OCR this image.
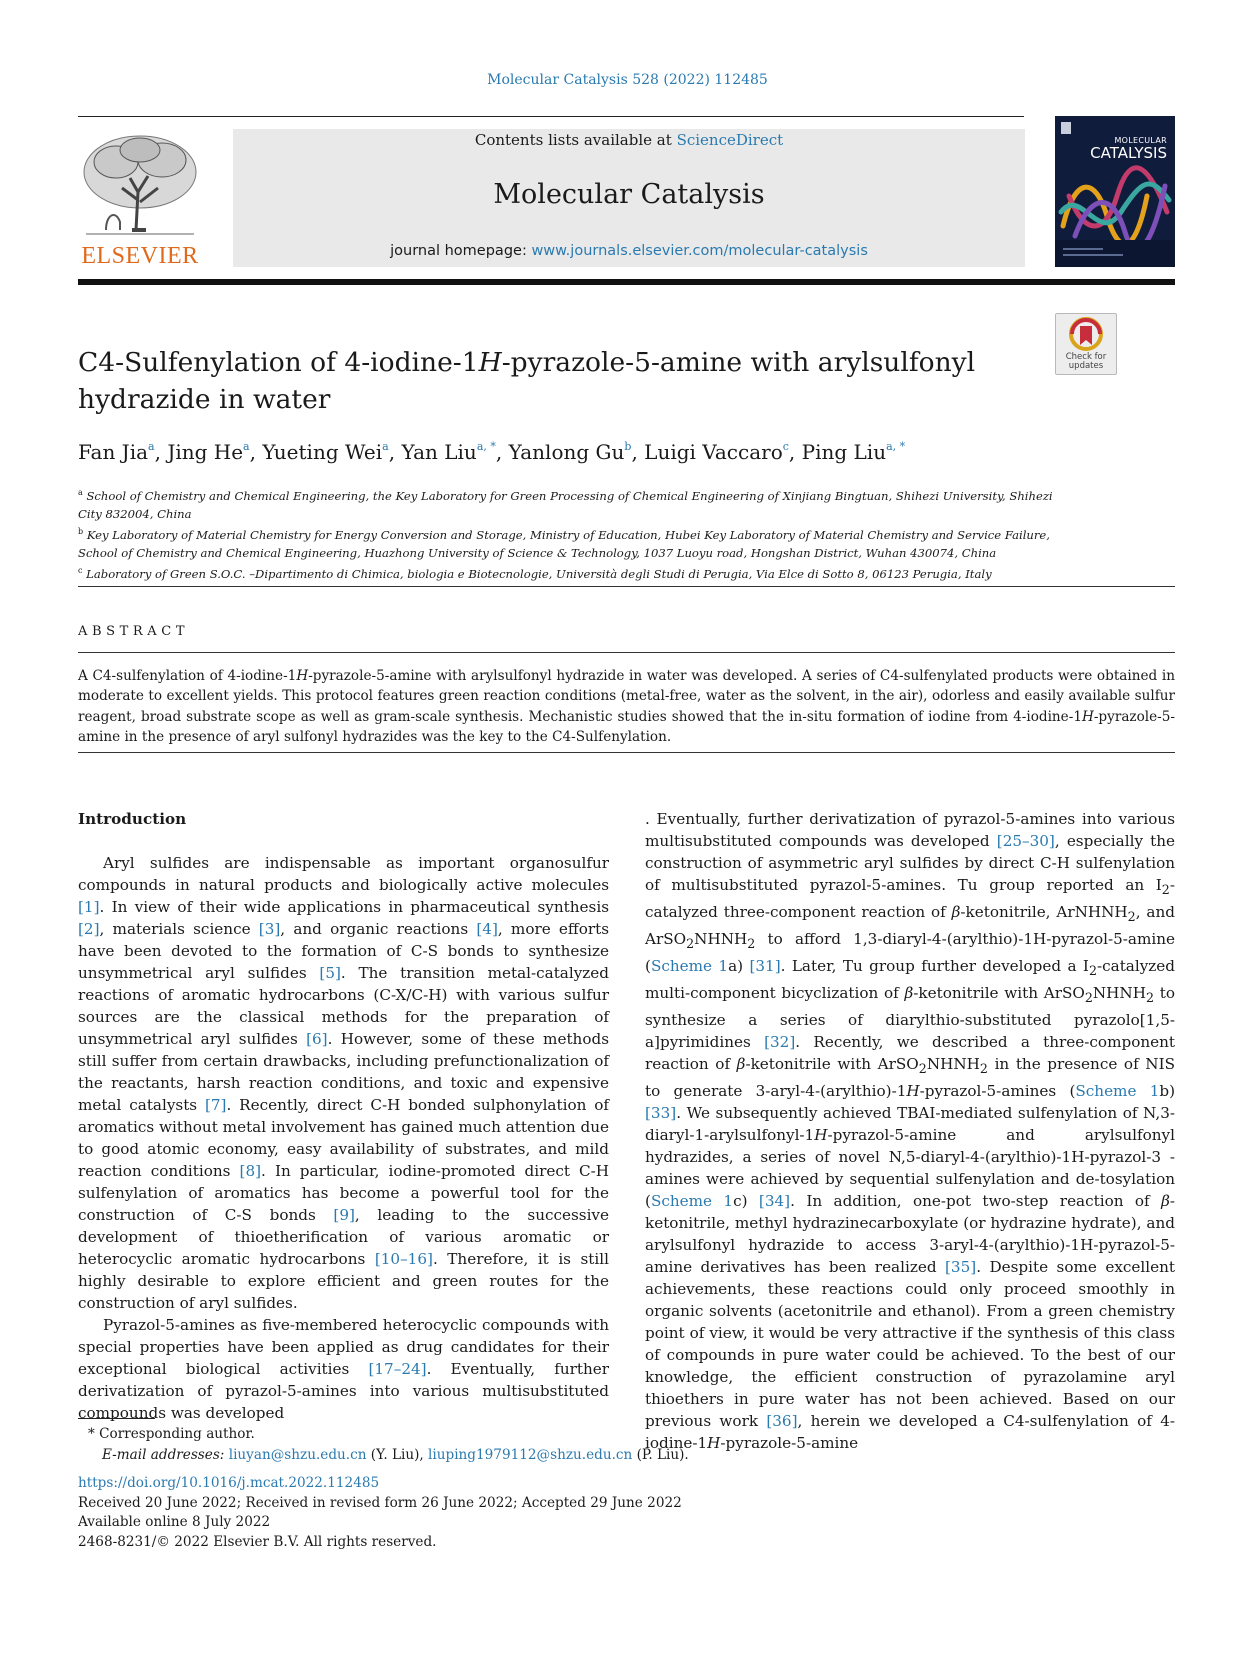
Molecular Catalysis 528 (2022) 112485
ELSEVIER
Contents lists available at ScienceDirect
Molecular Catalysis
journal homepage: www.journals.elsevier.com/molecular-catalysis
MOLECULAR
CATALYSIS
Check for
updates
C4-Sulfenylation of 4-iodine-1H-pyrazole-5-amine with arylsulfonyl hydrazide in water
Fan Jia$^a$, Jing He$^a$, Yueting Wei$^a$, Yan Liu$^{a, *}$, Yanlong Gu$^b$, Luigi Vaccaro$^c$, Ping Liu$^{a, *}$
$^a$ School of Chemistry and Chemical Engineering, the Key Laboratory for Green Processing of Chemical Engineering of Xinjiang Bingtuan, Shihezi University, Shihezi City 832004, China
$^b$ Key Laboratory of Material Chemistry for Energy Conversion and Storage, Ministry of Education, Hubei Key Laboratory of Material Chemistry and Service Failure, School of Chemistry and Chemical Engineering, Huazhong University of Science & Technology, 1037 Luoyu road, Hongshan District, Wuhan 430074, China
$^c$ Laboratory of Green S.O.C. –Dipartimento di Chimica, biologia e Biotecnologie, Università degli Studi di Perugia, Via Elce di Sotto 8, 06123 Perugia, Italy
ABSTRACT
A C4-sulfenylation of 4-iodine-1H-pyrazole-5-amine with arylsulfonyl hydrazide in water was developed. A series of C4-sulfenylated products were obtained in moderate to excellent yields. This protocol features green reaction conditions (metal-free, water as the solvent, in the air), odorless and easily available sulfur reagent, broad substrate scope as well as gram-scale synthesis. Mechanistic studies showed that the in-situ formation of iodine from 4-iodine-1H-pyrazole-5-amine in the presence of aryl sulfonyl hydrazides was the key to the C4-Sulfenylation.

Introduction

Aryl sulfides are indispensable as important organosulfur compounds in natural products and biologically active molecules [1]. In view of their wide applications in pharmaceutical synthesis [2], materials science [3], and organic reactions [4], more efforts have been devoted to the formation of C-S bonds to synthesize unsymmetrical aryl sulfides [5]. The transition metal-catalyzed reactions of aromatic hydrocarbons (C-X/C-H) with various sulfur sources are the classical methods for the preparation of unsymmetrical aryl sulfides [6]. However, some of these methods still suffer from certain drawbacks, including prefunctionalization of the reactants, harsh reaction conditions, and toxic and expensive metal catalysts [7]. Recently, direct C-H bonded sulphonylation of aromatics without metal involvement has gained much attention due to good atomic economy, easy availability of substrates, and mild reaction conditions [8]. In particular, iodine-promoted direct C-H sulfenylation of aromatics has become a powerful tool for the construction of C-S bonds [9], leading to the successive development of thioetherification of various aromatic or heterocyclic aromatic hydrocarbons [10–16]. Therefore, it is still highly desirable to explore efficient and green routes for the construction of aryl sulfides.

Pyrazol-5-amines as five-membered heterocyclic compounds with special properties have been applied as drug candidates for their exceptional biological activities [17–24]. Eventually, further derivatization of pyrazol-5-amines into various multisubstituted compounds was developed

. Eventually, further derivatization of pyrazol-5-amines into various multisubstituted compounds was developed [25–30], especially the construction of asymmetric aryl sulfides by direct C-H sulfenylation of multisubstituted pyrazol-5-amines. Tu group reported an $I_2$-catalyzed three-component reaction of β-ketonitrile, ArNHNH$_2$, and $ArSO_2NHNH_2$ to afford 1,3-diaryl-4-(arylthio)-1H-pyrazol-5-amine (Scheme 1a) [31]. Later, Tu group further developed a $I_2$-catalyzed multi-component bicyclization of β-ketonitrile with $ArSO_2NHNH_2$ to synthesize a series of diarylthio-substituted pyrazolo[1,5-a]pyrimidines [32]. Recently, we described a three-component reaction of β-ketonitrile with $ArSO_2NHNH_2$ in the presence of NIS to generate 3-aryl-4-(arylthio)-1H-pyrazol-5-amines (Scheme 1b) [33]. We subsequently achieved TBAI-mediated sulfenylation of N,3-diaryl-1-arylsulfonyl-1H-pyrazol-5-amine and arylsulfonyl hydrazides, a series of novel N,5-diaryl-4-(arylthio)-1H-pyrazol-3 -amines were achieved by sequential sulfenylation and de-tosylation (Scheme 1c) [34]. In addition, one-pot two-step reaction of β-ketonitrile, methyl hydrazinecarboxylate (or hydrazine hydrate), and arylsulfonyl hydrazide to access 3-aryl-4-(arylthio)-1H-pyrazol-5-amine derivatives has been realized [35]. Despite some excellent achievements, these reactions could only proceed smoothly in organic solvents (acetonitrile and ethanol). From a green chemistry point of view, it would be very attractive if the synthesis of this class of compounds in pure water could be achieved. To the best of our knowledge, the efficient construction of pyrazolamine aryl thioethers in pure water has not been achieved. Based on our previous work [36], herein we developed a C4-sulfenylation of 4-iodine-1H-pyrazole-5-amine

* Corresponding author.
E-mail addresses: liuyan@shzu.edu.cn (Y. Liu), liuping1979112@shzu.edu.cn (P. Liu).
https://doi.org/10.1016/j.mcat.2022.112485
Received 20 June 2022; Received in revised form 26 June 2022; Accepted 29 June 2022
Available online 8 July 2022
2468-8231/© 2022 Elsevier B.V. All rights reserved.
